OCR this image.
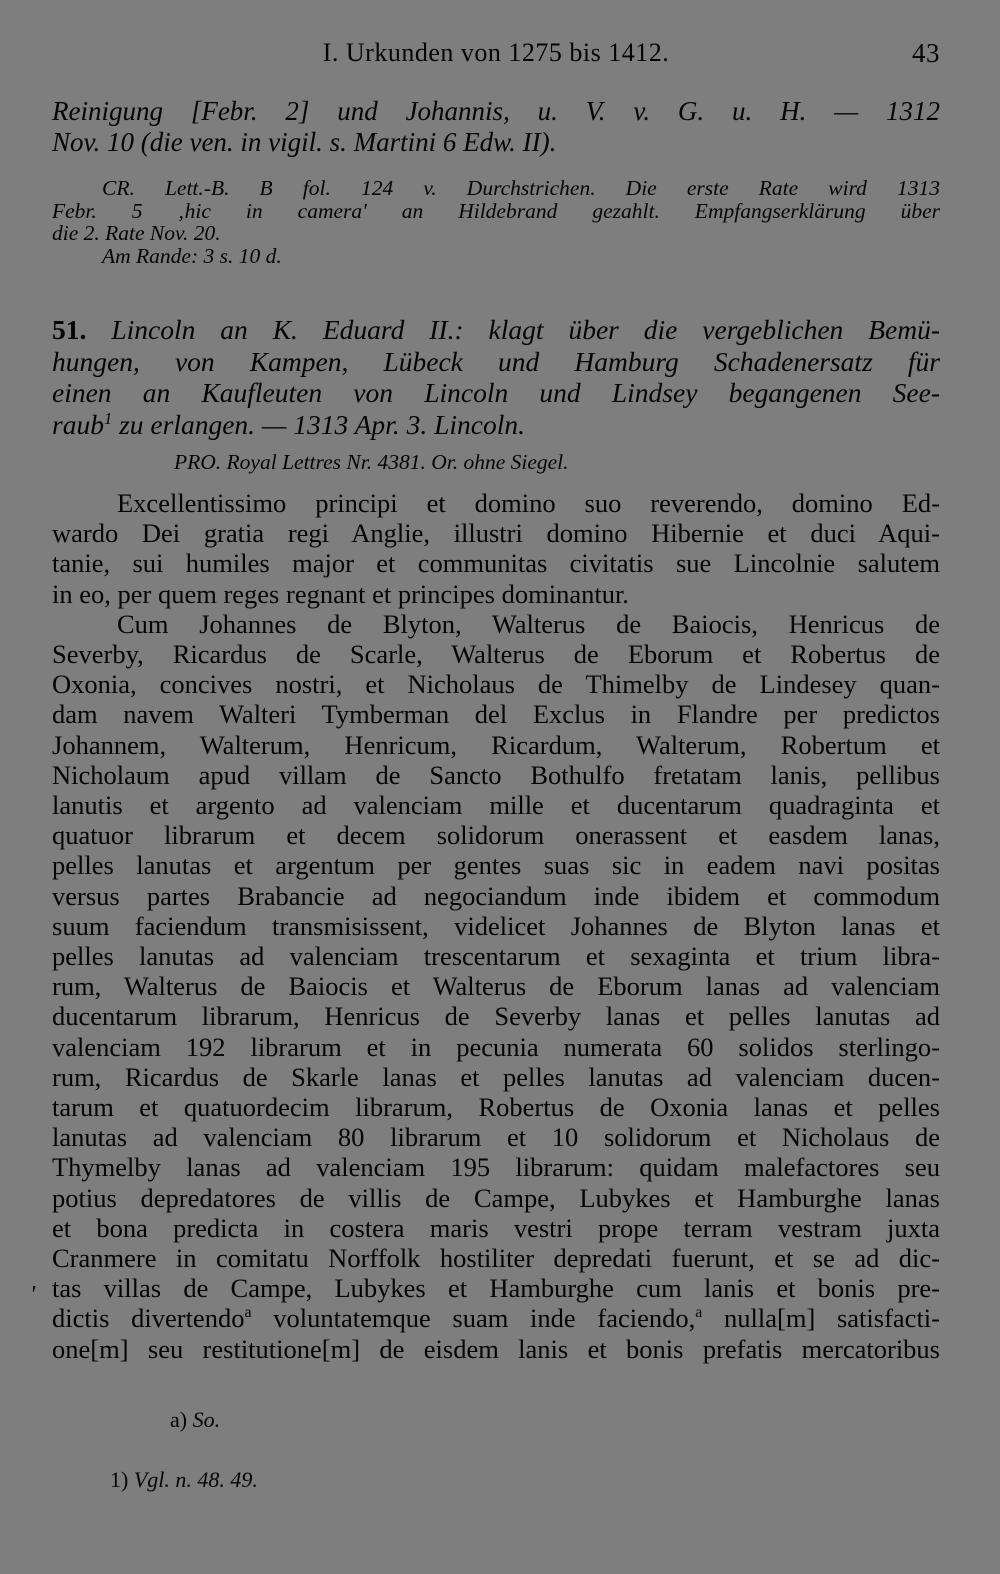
I. Urkunden von 1275 bis 1412.	43
Reinigung [Febr. 2] und Johannis, u. V. v. G. u. H. — 1312
Nov. 10 (die ven. in vigil. s. Martini 6 Edw. II).
CR. Lett.-B. B fol. 124 v. Durchstrichen. Die erste Rate wird 1313
Febr. 5 ‚hic in camera' an Hildebrand gezahlt. Empfangserklärung über
die 2. Rate Nov. 20.
Am Rande: 3 s. 10 d.
51. Lincoln an K. Eduard II.: klagt über die vergeblichen Bemü-
hungen, von Kampen, Lübeck und Hamburg Schadenersatz für
einen an Kaufleuten von Lincoln und Lindsey begangenen See-
raub$^1$ zu erlangen. — 1313 Apr. 3. Lincoln.
PRO. Royal Lettres Nr. 4381. Or. ohne Siegel.
Excellentissimo principi et domino suo reverendo, domino Ed-
wardo Dei gratia regi Anglie, illustri domino Hibernie et duci Aqui-
tanie, sui humiles major et communitas civitatis sue Lincolnie salutem
in eo, per quem reges regnant et principes dominantur.
Cum Johannes de Blyton, Walterus de Baiocis, Henricus de
Severby, Ricardus de Scarle, Walterus de Eborum et Robertus de
Oxonia, concives nostri, et Nicholaus de Thimelby de Lindesey quan-
dam navem Walteri Tymberman del Exclus in Flandre per predictos
Johannem, Walterum, Henricum, Ricardum, Walterum, Robertum et
Nicholaum apud villam de Sancto Bothulfo fretatam lanis, pellibus
lanutis et argento ad valenciam mille et ducentarum quadraginta et
quatuor librarum et decem solidorum onerassent et easdem lanas,
pelles lanutas et argentum per gentes suas sic in eadem navi positas
versus partes Brabancie ad negociandum inde ibidem et commodum
suum faciendum transmisissent, videlicet Johannes de Blyton lanas et
pelles lanutas ad valenciam trescentarum et sexaginta et trium libra-
rum, Walterus de Baiocis et Walterus de Eborum lanas ad valenciam
ducentarum librarum, Henricus de Severby lanas et pelles lanutas ad
valenciam 192 librarum et in pecunia numerata 60 solidos sterlingo-
rum, Ricardus de Skarle lanas et pelles lanutas ad valenciam ducen-
tarum et quatuordecim librarum, Robertus de Oxonia lanas et pelles
lanutas ad valenciam 80 librarum et 10 solidorum et Nicholaus de
Thymelby lanas ad valenciam 195 librarum: quidam malefactores seu
potius depredatores de villis de Campe, Lubykes et Hamburghe lanas
et bona predicta in costera maris vestri prope terram vestram juxta
Cranmere in comitatu Norffolk hostiliter depredati fuerunt, et se ad dic-
tas villas de Campe, Lubykes et Hamburghe cum lanis et bonis pre-
dictis divertendo$^a$ voluntatemque suam inde faciendo,$^a$ nulla[m] satisfacti-
one[m] seu restitutione[m] de eisdem lanis et bonis prefatis mercatoribus
a) So.
1) Vgl. n. 48. 49.
'
